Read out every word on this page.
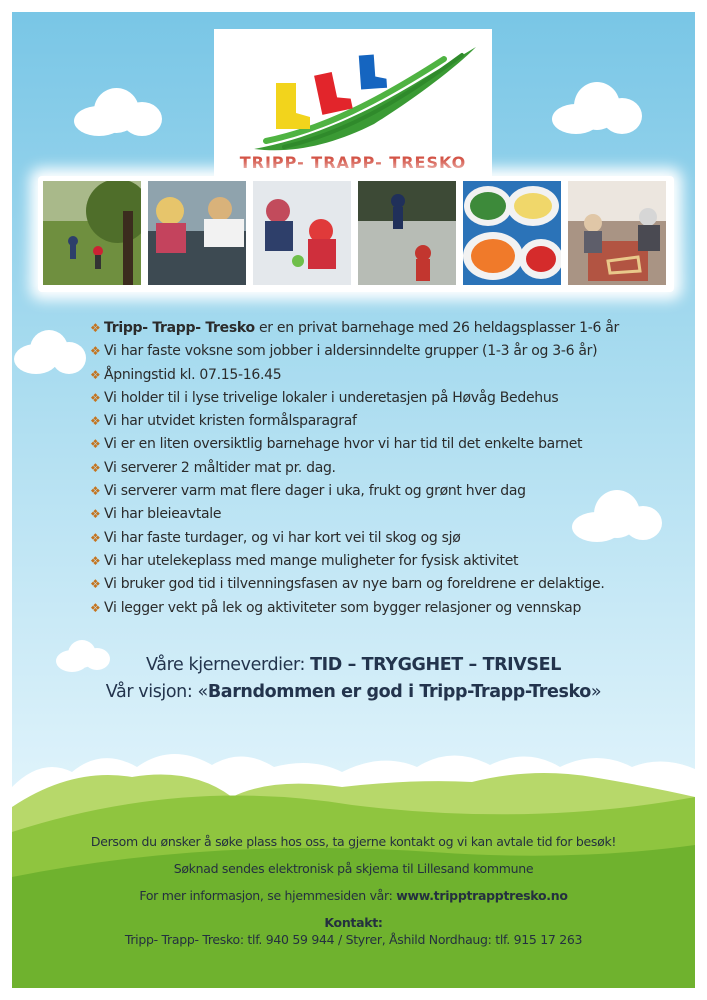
TRIPP- TRAPP- TRESKO
❖ Tripp- Trapp- Tresko er en privat barnehage med 26 heldagsplasser 1-6 år
❖ Vi har faste voksne som jobber i aldersinndelte grupper (1-3 år og 3-6 år)
❖ Åpningstid kl. 07.15-16.45
❖ Vi holder til i lyse trivelige lokaler i underetasjen på Høvåg Bedehus
❖ Vi har utvidet kristen formålsparagraf
❖ Vi er en liten oversiktlig barnehage hvor vi har tid til det enkelte barnet
❖ Vi serverer 2 måltider mat pr. dag.
❖ Vi serverer varm mat flere dager i uka, frukt og grønt hver dag
❖ Vi har bleieavtale
❖ Vi har faste turdager, og vi har kort vei til skog og sjø
❖ Vi har utelekeplass med mange muligheter for fysisk aktivitet
❖ Vi bruker god tid i tilvenningsfasen av nye barn og foreldrene er delaktige.
❖ Vi legger vekt på lek og aktiviteter som bygger relasjoner og vennskap
Våre kjerneverdier: TID – TRYGGHET – TRIVSEL
Vår visjon: «Barndommen er god i Tripp-Trapp-Tresko»
Dersom du ønsker å søke plass hos oss, ta gjerne kontakt og vi kan avtale tid for besøk!
Søknad sendes elektronisk på skjema til Lillesand kommune
For mer informasjon, se hjemmesiden vår: www.tripptrapptresko.no
Kontakt:
Tripp- Trapp- Tresko: tlf. 940 59 944 / Styrer, Åshild Nordhaug: tlf. 915 17 263
